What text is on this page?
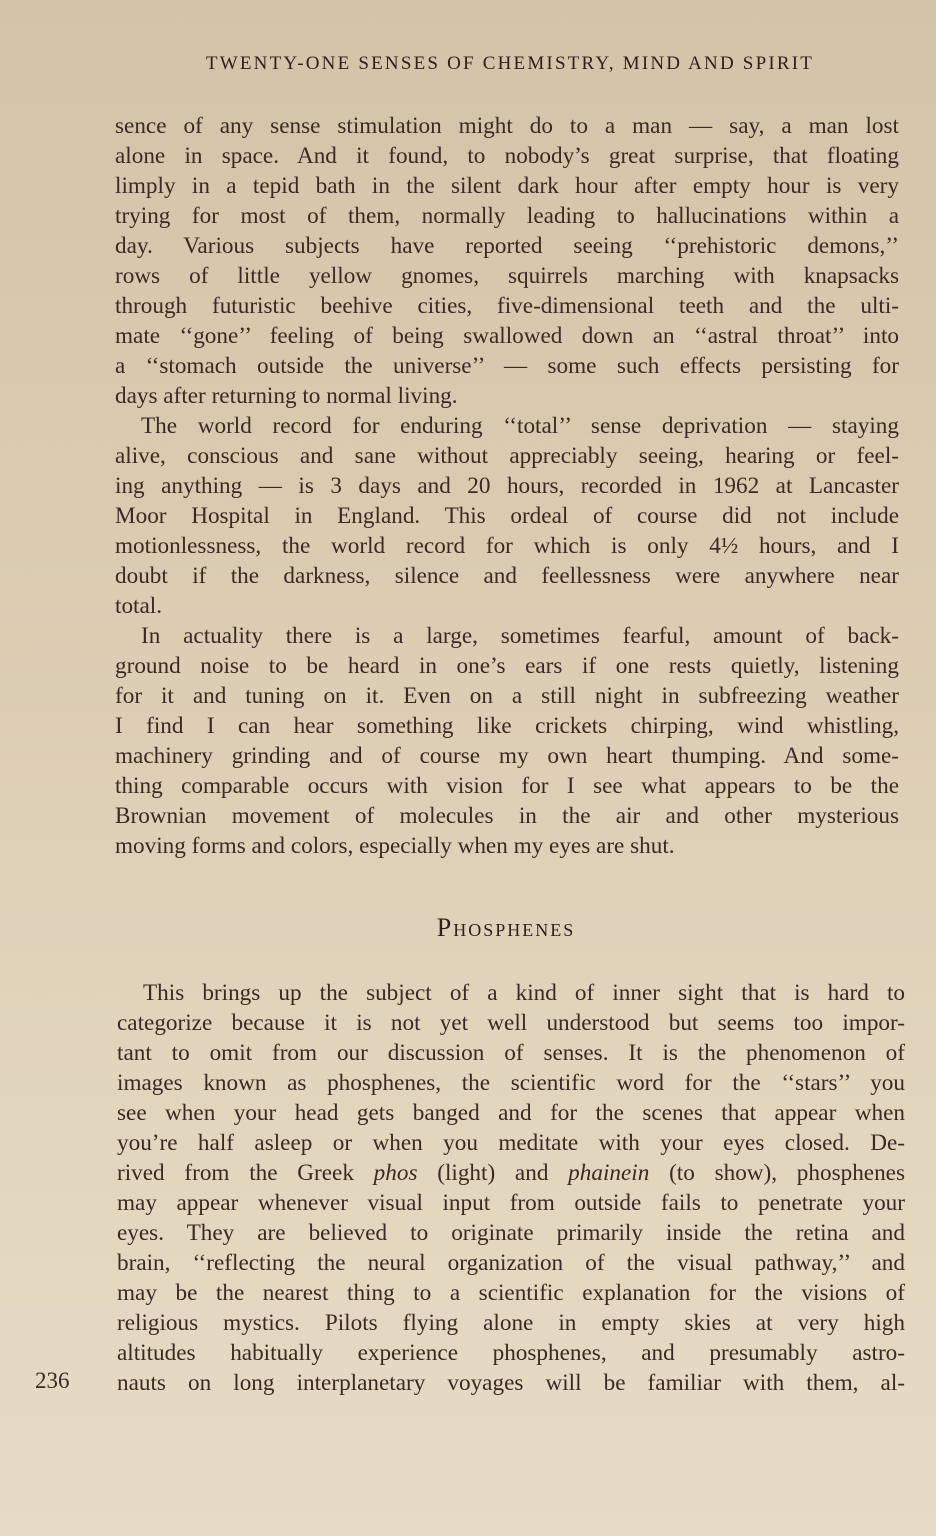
TWENTY-ONE SENSES OF CHEMISTRY, MIND AND SPIRIT
sence of any sense stimulation might do to a man — say, a man lost
alone in space. And it found, to nobody’s great surprise, that floating
limply in a tepid bath in the silent dark hour after empty hour is very
trying for most of them, normally leading to hallucinations within a
day. Various subjects have reported seeing ‘‘prehistoric demons,’’
rows of little yellow gnomes, squirrels marching with knapsacks
through futuristic beehive cities, five-dimensional teeth and the ulti-
mate ‘‘gone’’ feeling of being swallowed down an ‘‘astral throat’’ into
a ‘‘stomach outside the universe’’ — some such effects persisting for
days after returning to normal living.
The world record for enduring ‘‘total’’ sense deprivation — staying
alive, conscious and sane without appreciably seeing, hearing or feel-
ing anything — is 3 days and 20 hours, recorded in 1962 at Lancaster
Moor Hospital in England. This ordeal of course did not include
motionlessness, the world record for which is only 4½ hours, and I
doubt if the darkness, silence and feellessness were anywhere near
total.
In actuality there is a large, sometimes fearful, amount of back-
ground noise to be heard in one’s ears if one rests quietly, listening
for it and tuning on it. Even on a still night in subfreezing weather
I find I can hear something like crickets chirping, wind whistling,
machinery grinding and of course my own heart thumping. And some-
thing comparable occurs with vision for I see what appears to be the
Brownian movement of molecules in the air and other mysterious
moving forms and colors, especially when my eyes are shut.
Phosphenes
This brings up the subject of a kind of inner sight that is hard to
categorize because it is not yet well understood but seems too impor-
tant to omit from our discussion of senses. It is the phenomenon of
images known as phosphenes, the scientific word for the ‘‘stars’’ you
see when your head gets banged and for the scenes that appear when
you’re half asleep or when you meditate with your eyes closed. De-
rived from the Greek phos (light) and phainein (to show), phosphenes
may appear whenever visual input from outside fails to penetrate your
eyes. They are believed to originate primarily inside the retina and
brain, ‘‘reflecting the neural organization of the visual pathway,’’ and
may be the nearest thing to a scientific explanation for the visions of
religious mystics. Pilots flying alone in empty skies at very high
altitudes habitually experience phosphenes, and presumably astro-
nauts on long interplanetary voyages will be familiar with them, al-
236
